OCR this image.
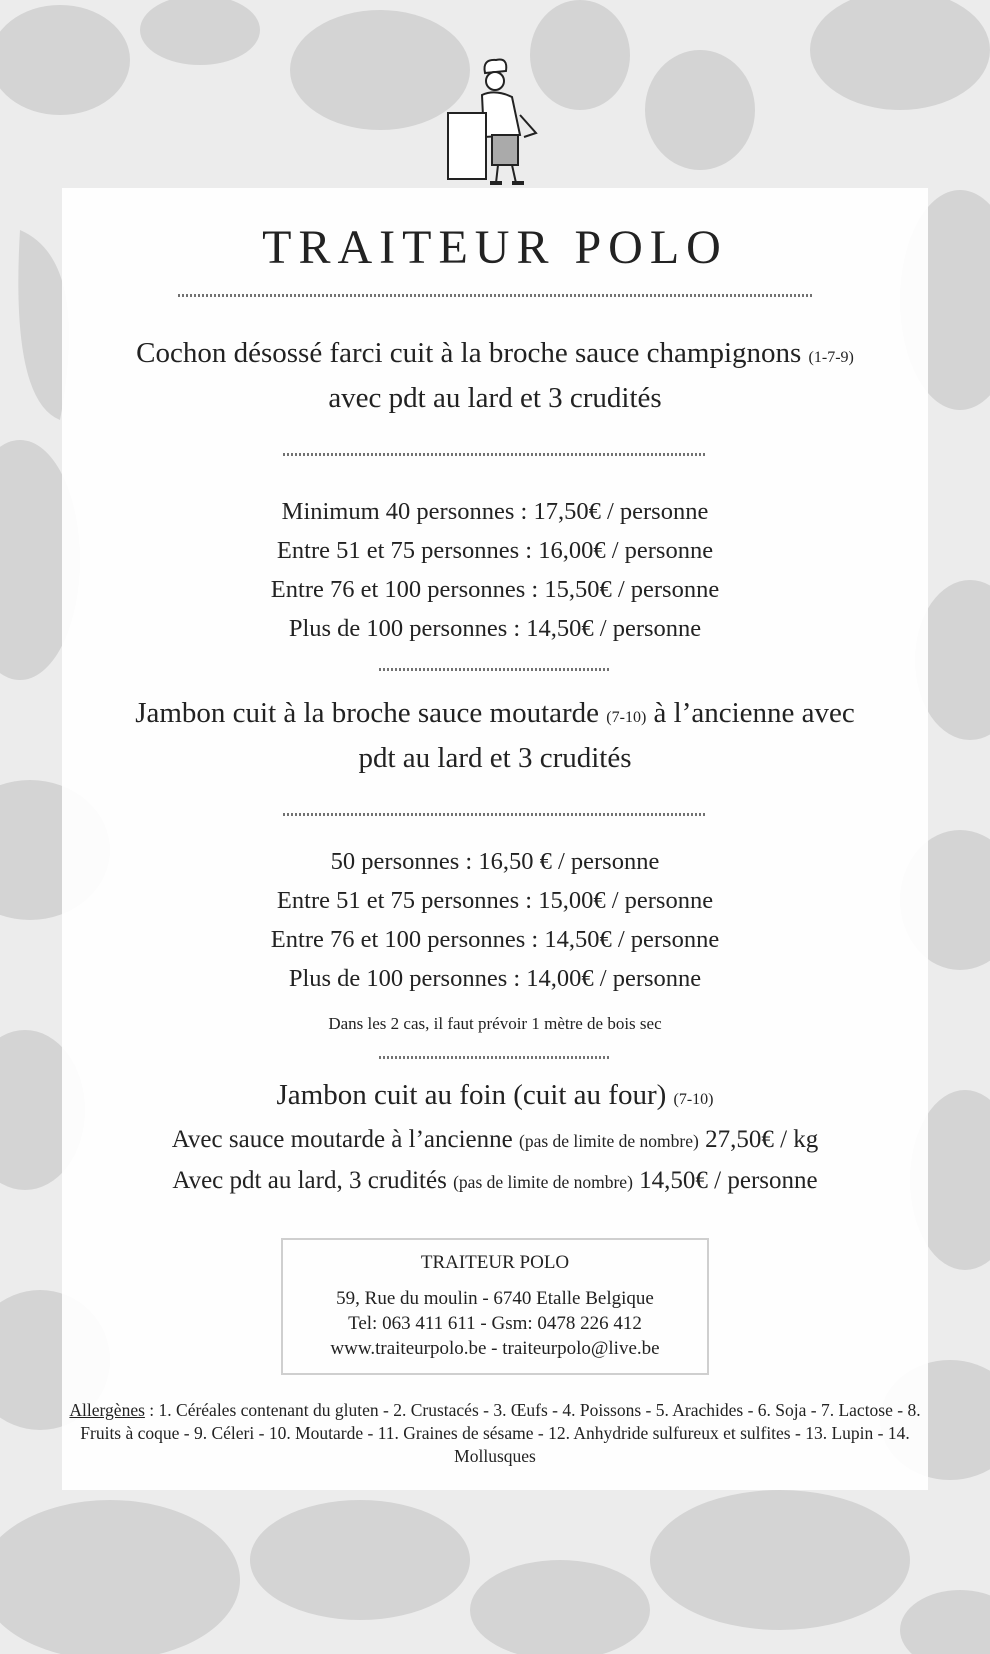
TRAITEUR POLO
Cochon désossé farci cuit à la broche sauce champignons (1-7-9)
avec pdt au lard et 3 crudités
Minimum 40 personnes : 17,50€ / personne
Entre 51 et 75 personnes : 16,00€ / personne
Entre 76 et 100 personnes : 15,50€ / personne
Plus de 100 personnes : 14,50€ / personne
Jambon cuit à la broche sauce moutarde (7-10) à l’ancienne avec
pdt au lard et 3 crudités
50 personnes : 16,50 € / personne
Entre 51 et 75 personnes : 15,00€ / personne
Entre 76 et 100 personnes : 14,50€ / personne
Plus de 100 personnes : 14,00€ / personne
Dans les 2 cas, il faut prévoir 1 mètre de bois sec
Jambon cuit au foin (cuit au four) (7-10)
Avec sauce moutarde à l’ancienne (pas de limite de nombre) 27,50€ / kg
Avec pdt au lard, 3 crudités (pas de limite de nombre) 14,50€ / personne
TRAITEUR POLO
59, Rue du moulin - 6740 Etalle Belgique
Tel: 063 411 611 - Gsm: 0478 226 412
www.traiteurpolo.be - traiteurpolo@live.be
Allergènes : 1. Céréales contenant du gluten - 2. Crustacés - 3. Œufs - 4. Poissons - 5. Arachides - 6. Soja - 7. Lactose - 8. Fruits à coque - 9. Céleri - 10. Moutarde - 11. Graines de sésame - 12. Anhydride sulfureux et sulfites - 13. Lupin - 14. Mollusques
